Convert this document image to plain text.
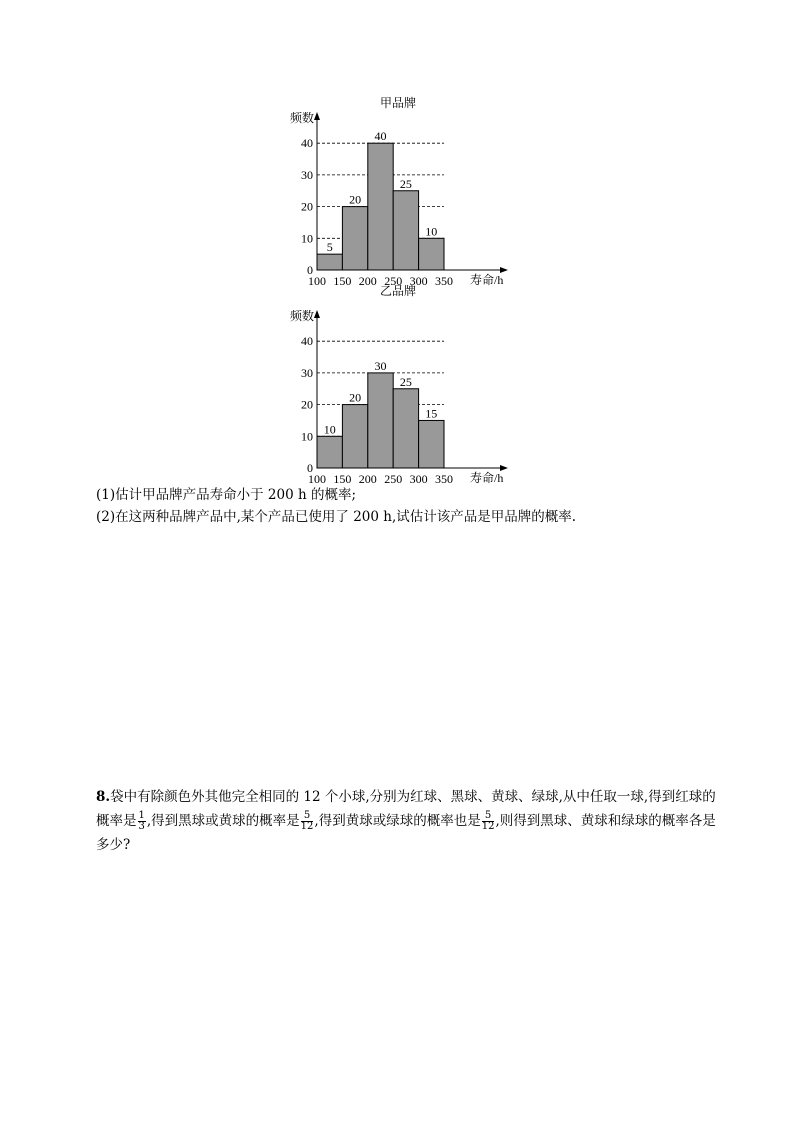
甲品牌
频数
5
20
40
25
10
0
10
20
30
40
100 150 200 250 300 350 寿命/h
乙品牌
频数
10
20
30
25
15
0
10
20
30
40
100 150 200 250 300 350 寿命/h
(1)估计甲品牌产品寿命小于 200 h 的概率;
(2)在这两种品牌产品中,某个产品已使用了 200 h,试估计该产品是甲品牌的概率.
8.袋中有除颜色外其他完全相同的 12 个小球,分别为红球、黑球、黄球、绿球,从中任取一球,得到红球的概率是 $\frac{1}{3}$ ,得到黑球或黄球的概率是 $\frac{5}{12}$ ,得到黄球或绿球的概率也是 $\frac{5}{12}$ ,则得到黑球、黄球和绿球的概率各是多少?
